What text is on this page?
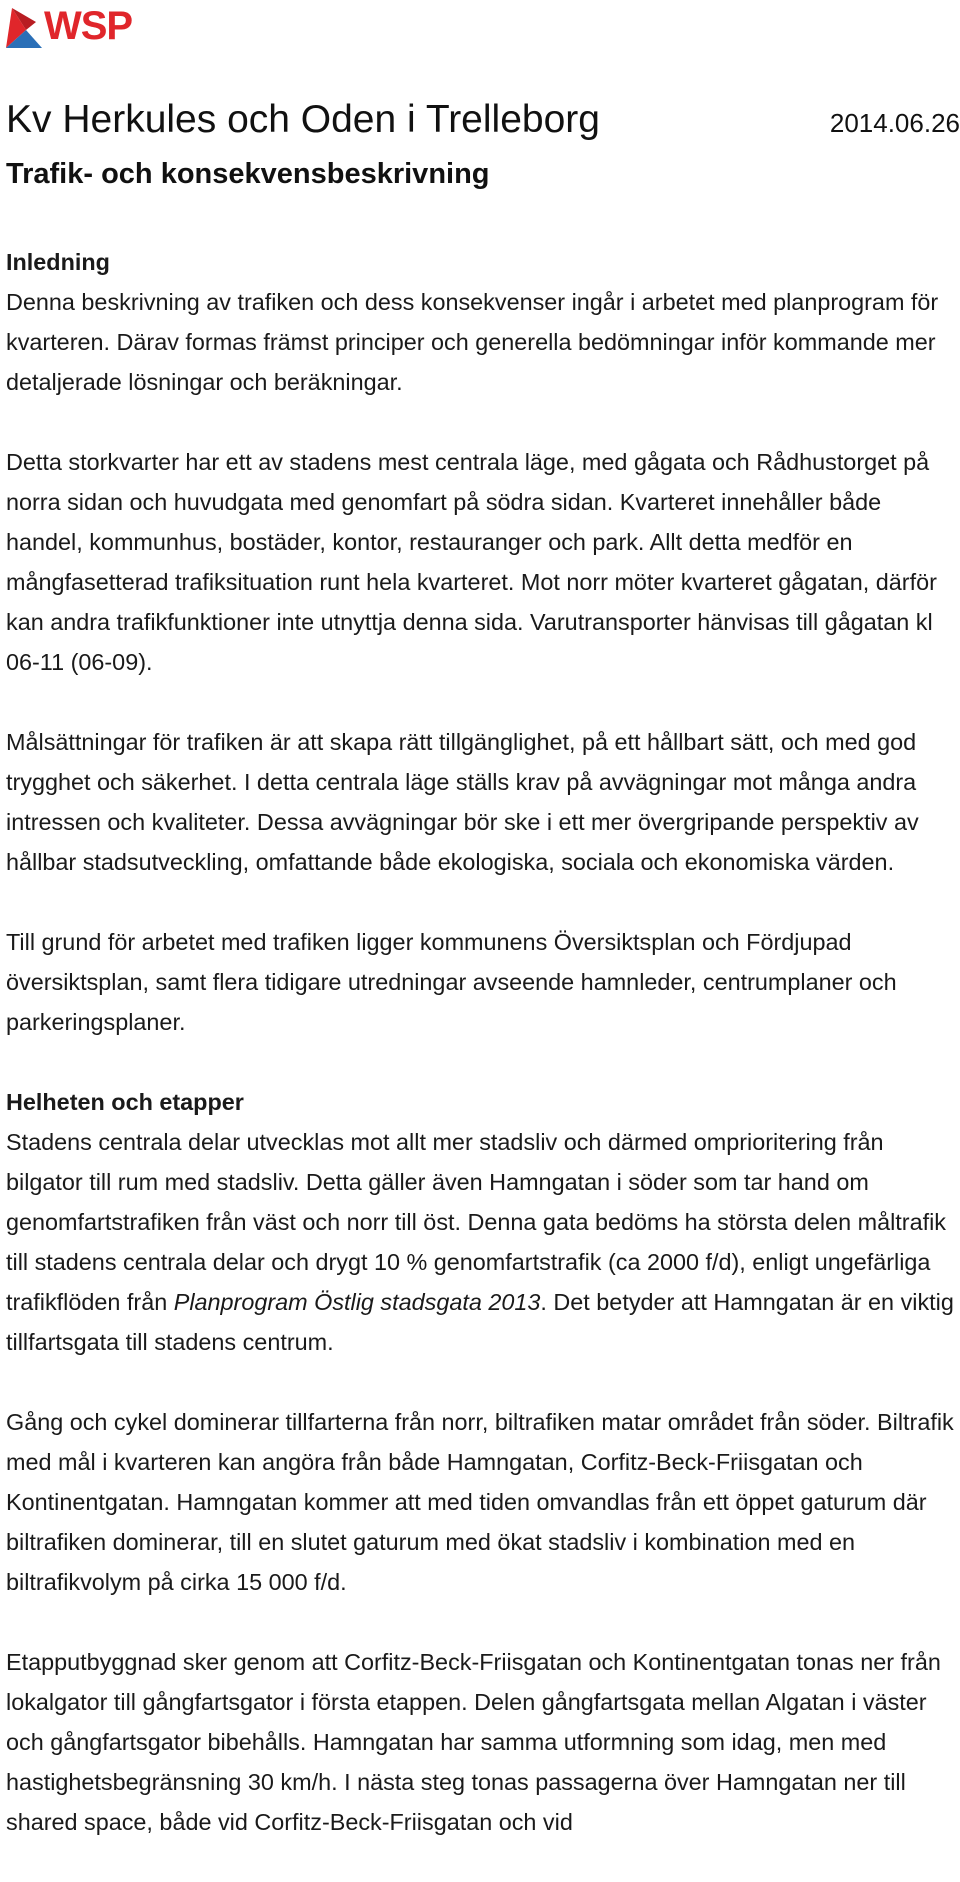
WSP
Kv Herkules och Oden i Trelleborg	2014.06.26
Trafik- och konsekvensbeskrivning
Inledning

Denna beskrivning av trafiken och dess konsekvenser ingår i arbetet med planprogram för kvarteren. Därav formas främst principer och generella bedömningar inför kommande mer detaljerade lösningar och beräkningar.

Detta storkvarter har ett av stadens mest centrala läge, med gågata och Rådhustorget på norra sidan och huvudgata med genomfart på södra sidan. Kvarteret innehåller både handel, kommunhus, bostäder, kontor, restauranger och park. Allt detta medför en mångfasetterad trafiksituation runt hela kvarteret. Mot norr möter kvarteret gågatan, därför kan andra trafikfunktioner inte utnyttja denna sida. Varutransporter hänvisas till gågatan kl 06-11 (06-09).

Målsättningar för trafiken är att skapa rätt tillgänglighet, på ett hållbart sätt, och med god trygghet och säkerhet. I detta centrala läge ställs krav på avvägningar mot många andra intressen och kvaliteter. Dessa avvägningar bör ske i ett mer övergripande perspektiv av hållbar stadsutveckling, omfattande både ekologiska, sociala och ekonomiska värden.

Till grund för arbetet med trafiken ligger kommunens Översiktsplan och Fördjupad översiktsplan, samt flera tidigare utredningar avseende hamnleder, centrumplaner och parkeringsplaner.

Helheten och etapper

Stadens centrala delar utvecklas mot allt mer stadsliv och därmed omprioritering från bilgator till rum med stadsliv. Detta gäller även Hamngatan i söder som tar hand om genomfartstrafiken från väst och norr till öst. Denna gata bedöms ha största delen måltrafik till stadens centrala delar och drygt 10 % genomfartstrafik (ca 2000 f/d), enligt ungefärliga trafikflöden från Planprogram Östlig stadsgata 2013. Det betyder att Hamngatan är en viktig tillfartsgata till stadens centrum.

Gång och cykel dominerar tillfarterna från norr, biltrafiken matar området från söder. Biltrafik med mål i kvarteren kan angöra från både Hamngatan, Corfitz-Beck-Friisgatan och Kontinentgatan. Hamngatan kommer att med tiden omvandlas från ett öppet gaturum där biltrafiken dominerar, till en slutet gaturum med ökat stadsliv i kombination med en biltrafikvolym på cirka 15 000 f/d.

Etapputbyggnad sker genom att Corfitz-Beck-Friisgatan och Kontinentgatan tonas ner från lokalgator till gångfartsgator i första etappen. Delen gångfartsgata mellan Algatan i väster och gångfartsgator bibehålls. Hamngatan har samma utformning som idag, men med hastighetsbegränsning 30 km/h. I nästa steg tonas passagerna över Hamngatan ner till shared space, både vid Corfitz-Beck-Friisgatan och vid
